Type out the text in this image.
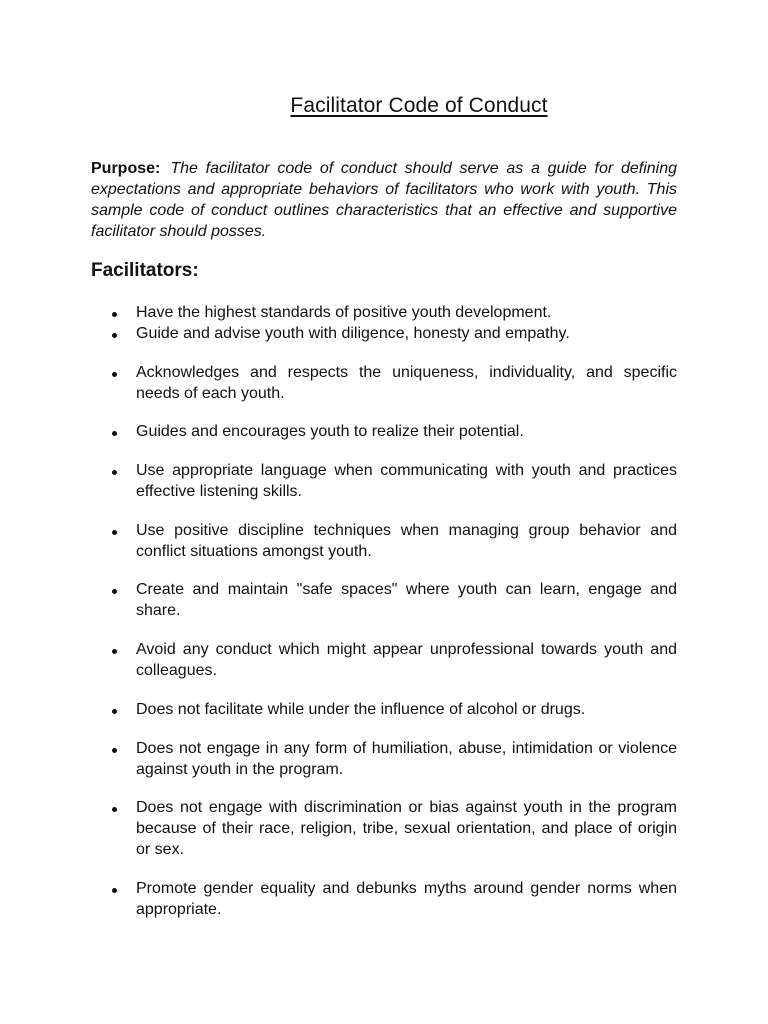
Facilitator Code of Conduct

Purpose: The facilitator code of conduct should serve as a guide for defining expectations and appropriate behaviors of facilitators who work with youth. This sample code of conduct outlines characteristics that an effective and supportive facilitator should posses.

Facilitators:
Have the highest standards of positive youth development.
Guide and advise youth with diligence, honesty and empathy.
Acknowledges and respects the uniqueness, individuality, and specific needs of each youth.
Guides and encourages youth to realize their potential.
Use appropriate language when communicating with youth and practices effective listening skills.
Use positive discipline techniques when managing group behavior and conflict situations amongst youth.
Create and maintain "safe spaces" where youth can learn, engage and share.
Avoid any conduct which might appear unprofessional towards youth and colleagues.
Does not facilitate while under the influence of alcohol or drugs.
Does not engage in any form of humiliation, abuse, intimidation or violence against youth in the program.
Does not engage with discrimination or bias against youth in the program because of their race, religion, tribe, sexual orientation, and place of origin or sex.
Promote gender equality and debunks myths around gender norms when appropriate.
